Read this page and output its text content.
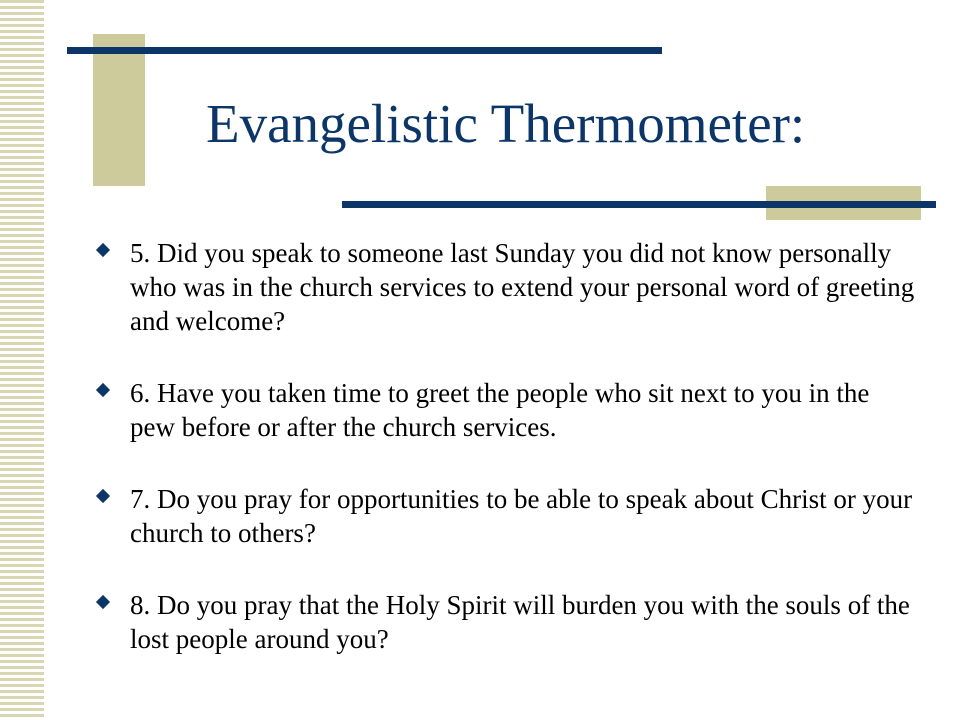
Evangelistic Thermometer:
5. Did you speak to someone last Sunday you did not know personally who was in the church services to extend your personal word of greeting and welcome?
6. Have you taken time to greet the people who sit next to you in the pew before or after the church services.
7. Do you pray for opportunities to be able to speak about Christ or your church to others?
8. Do you pray that the Holy Spirit will burden you with the souls of the lost people around you?
